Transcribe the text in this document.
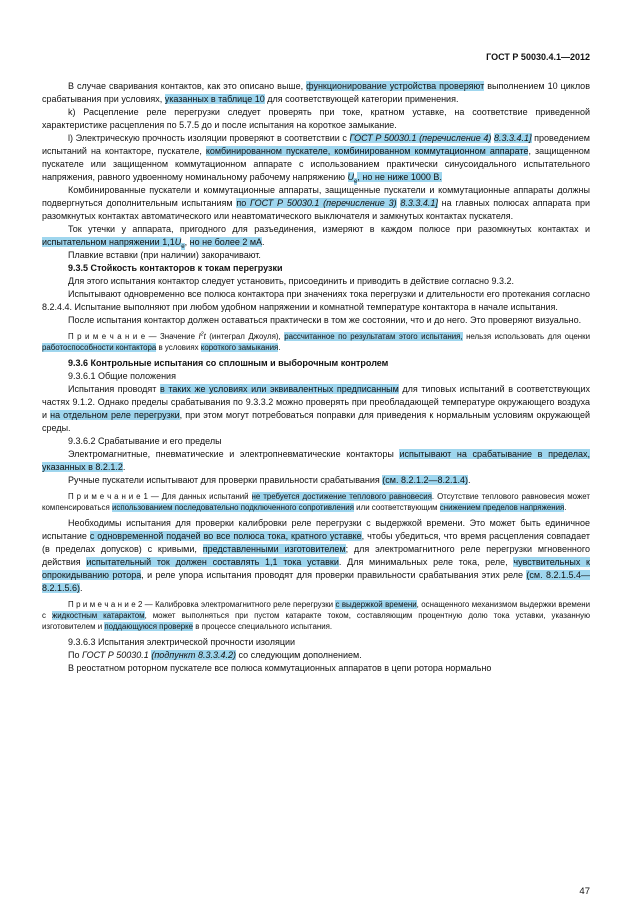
ГОСТ Р 50030.4.1—2012

В случае сваривания контактов, как это описано выше, функционирование устройства проверяют выполнением 10 циклов срабатывания при условиях, указанных в таблице 10 для соответствующей категории применения.

k) Расцепление реле перегрузки следует проверять при токе, кратном уставке, на соответствие приведенной характеристике расцепления по 5.7.5 до и после испытания на короткое замыкание.

l) Электрическую прочность изоляции проверяют в соответствии с ГОСТ Р 50030.1 (перечисление 4) 8.3.3.4.1] проведением испытаний на контакторе, пускателе, комбинированном пускателе, комбинированном коммутационном аппарате, защищенном пускателе или защищенном коммутационном аппарате с использованием практически синусоидального испытательного напряжения, равного удвоенному номинальному рабочему напряжению $U_e$, но не ниже 1000 В.

Комбинированные пускатели и коммутационные аппараты, защищенные пускатели и коммутационные аппараты должны подвергнуться дополнительным испытаниям по ГОСТ Р 50030.1 (перечисление 3) 8.3.3.4.1] на главных полюсах аппарата при разомкнутых контактах автоматического или неавтоматического выключателя и замкнутых контактах пускателя.

Ток утечки у аппарата, пригодного для разъединения, измеряют в каждом полюсе при разомкнутых контактах и испытательном напряжении $1,1U_e$, но не более 2 мА.

Плавкие вставки (при наличии) закорачивают.

9.3.5 Стойкость контакторов к токам перегрузки

Для этого испытания контактор следует установить, присоединить и приводить в действие согласно 9.3.2.

Испытывают одновременно все полюса контактора при значениях тока перегрузки и длительности его протекания согласно 8.2.4.4. Испытание выполняют при любом удобном напряжении и комнатной температуре контактора в начале испытания.

После испытания контактор должен оставаться практически в том же состоянии, что и до него. Это проверяют визуально.

П р и м е ч а н и е — Значение $I^2t$ (интеграл Джоуля), рассчитанное по результатам этого испытания, нельзя использовать для оценки работоспособности контактора в условиях короткого замыкания.

9.3.6 Контрольные испытания со сплошным и выборочным контролем

9.3.6.1 Общие положения

Испытания проводят в таких же условиях или эквивалентных предписанным для типовых испытаний в соответствующих частях 9.1.2. Однако пределы срабатывания по 9.3.3.2 можно проверять при преобладающей температуре окружающего воздуха и на отдельном реле перегрузки, при этом могут потребоваться поправки для приведения к нормальным условиям окружающей среды.

9.3.6.2 Срабатывание и его пределы

Электромагнитные, пневматические и электропневматические контакторы испытывают на срабатывание в пределах, указанных в 8.2.1.2.

Ручные пускатели испытывают для проверки правильности срабатывания (см. 8.2.1.2—8.2.1.4).

П р и м е ч а н и е 1 — Для данных испытаний не требуется достижение теплового равновесия. Отсутствие теплового равновесия может компенсироваться использованием последовательно подключенного сопротивления или соответствующим снижением пределов напряжения.

Необходимы испытания для проверки калибровки реле перегрузки с выдержкой времени. Это может быть единичное испытание с одновременной подачей во все полюса тока, кратного уставке, чтобы убедиться, что время расцепления совпадает (в пределах допусков) с кривыми, представленными изготовителем; для электромагнитного реле перегрузки мгновенного действия испытательный ток должен составлять 1,1 тока уставки. Для минимальных реле тока, реле, чувствительных к опрокидыванию ротора, и реле упора испытания проводят для проверки правильности срабатывания этих реле (см. 8.2.1.5.4—8.2.1.5.6).

П р и м е ч а н и е 2 — Калибровка электромагнитного реле перегрузки с выдержкой времени, оснащенного механизмом выдержки времени с жидкостным катарактом, может выполняться при пустом катаракте током, составляющим процентную долю тока уставки, указанную изготовителем и поддающуюся проверке в процессе специального испытания.

9.3.6.3 Испытания электрической прочности изоляции

По ГОСТ Р 50030.1 (подпункт 8.3.3.4.2) со следующим дополнением.

В реостатном роторном пускателе все полюса коммутационных аппаратов в цепи ротора нормально

47
